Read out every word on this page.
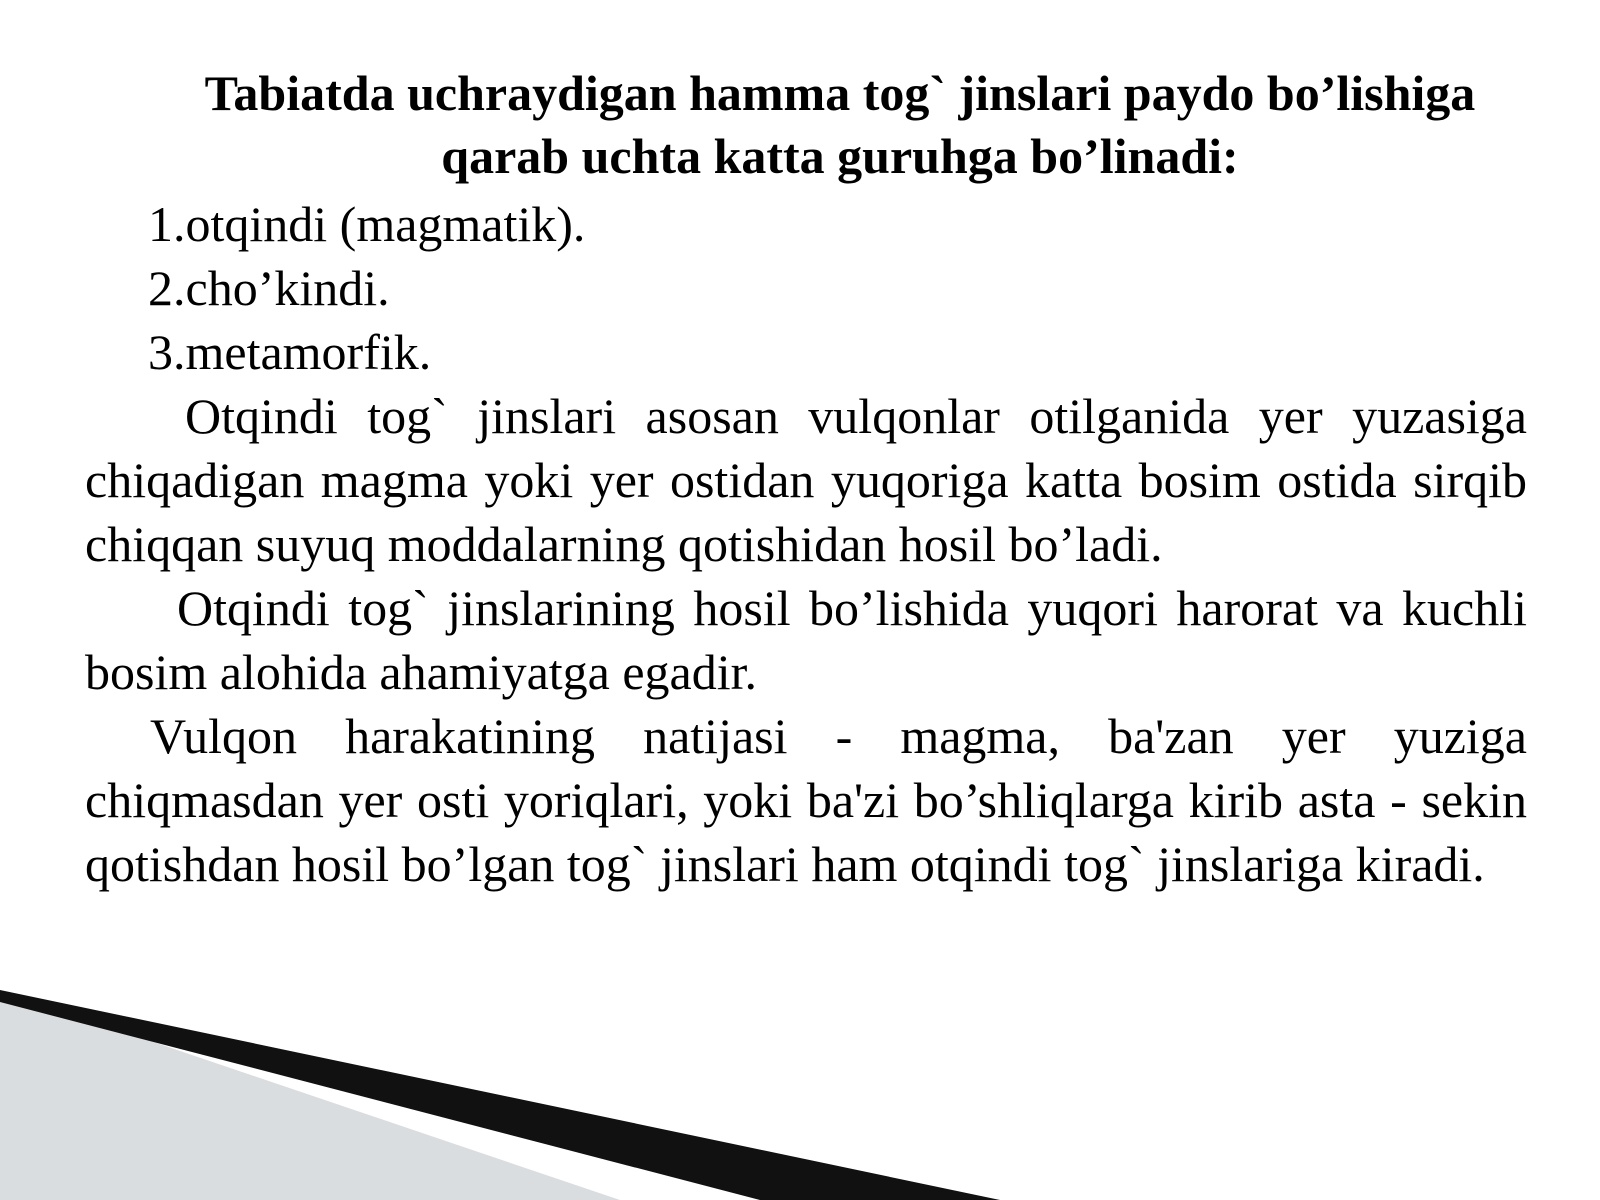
Tabiatda uchraydigan hamma tog` jinslari paydo bo’lishiga
qarab uchta katta guruhga bo’linadi:
1.otqindi (magmatik).
2.cho’kindi.
3.metamorfik.

Otqindi tog` jinslari asosan vulqonlar otilganida yer yuzasiga chiqadigan magma yoki yer ostidan yuqoriga katta bosim ostida sirqib chiqqan suyuq moddalarning qotishidan hosil bo’ladi.

Otqindi tog` jinslarining hosil bo’lishida yuqori harorat va kuchli bosim alohida ahamiyatga egadir.

Vulqon harakatining natijasi - magma, ba'zan yer yuziga chiqmasdan yer osti yoriqlari, yoki ba'zi bo’shliqlarga kirib asta - sekin qotishdan hosil bo’lgan tog` jinslari ham otqindi tog` jinslariga kiradi.
